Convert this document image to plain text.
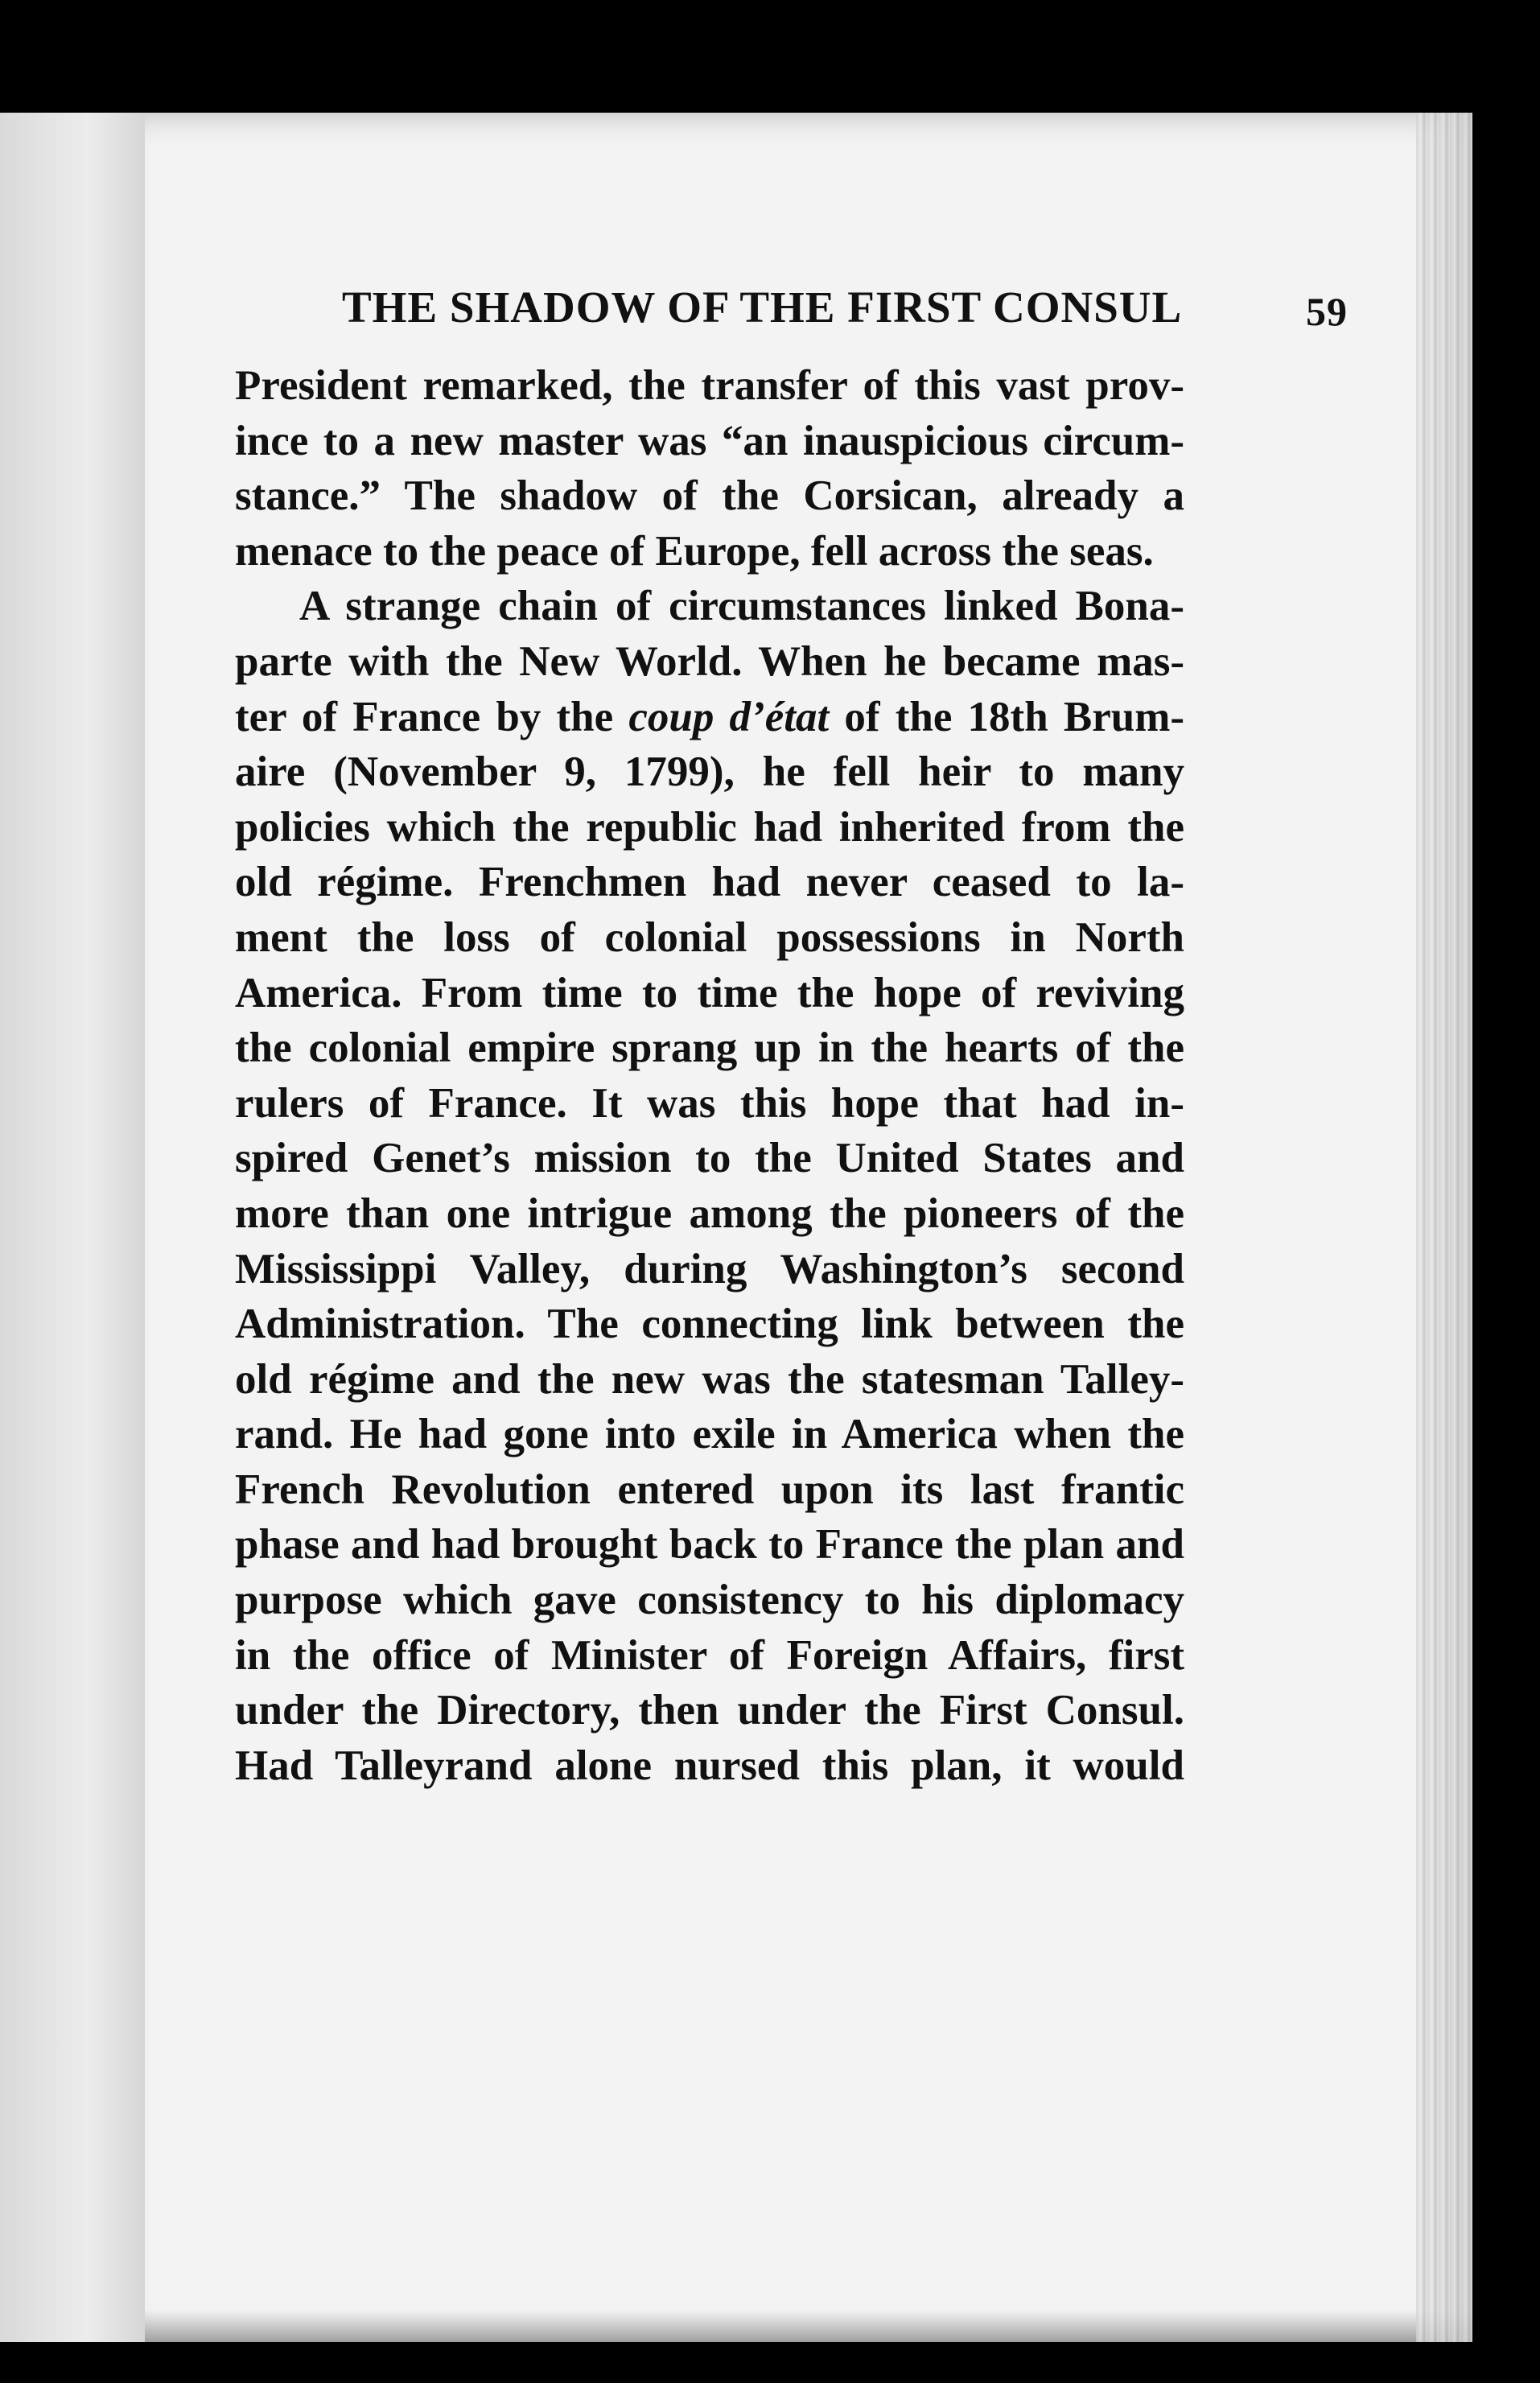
THE SHADOW OF THE FIRST CONSUL	59
President remarked, the transfer of this vast prov-
ince to a new master was “an inauspicious circum-
stance.” The shadow of the Corsican, already a
menace to the peace of Europe, fell across the seas.
A strange chain of circumstances linked Bona-
parte with the New World. When he became mas-
ter of France by the coup d’état of the 18th Brum-
aire (November 9, 1799), he fell heir to many
policies which the republic had inherited from the
old régime. Frenchmen had never ceased to la-
ment the loss of colonial possessions in North
America. From time to time the hope of reviving
the colonial empire sprang up in the hearts of the
rulers of France. It was this hope that had in-
spired Genet’s mission to the United States and
more than one intrigue among the pioneers of the
Mississippi Valley, during Washington’s second
Administration. The connecting link between the
old régime and the new was the statesman Talley-
rand. He had gone into exile in America when the
French Revolution entered upon its last frantic
phase and had brought back to France the plan and
purpose which gave consistency to his diplomacy
in the office of Minister of Foreign Affairs, first
under the Directory, then under the First Consul.
Had Talleyrand alone nursed this plan, it would
